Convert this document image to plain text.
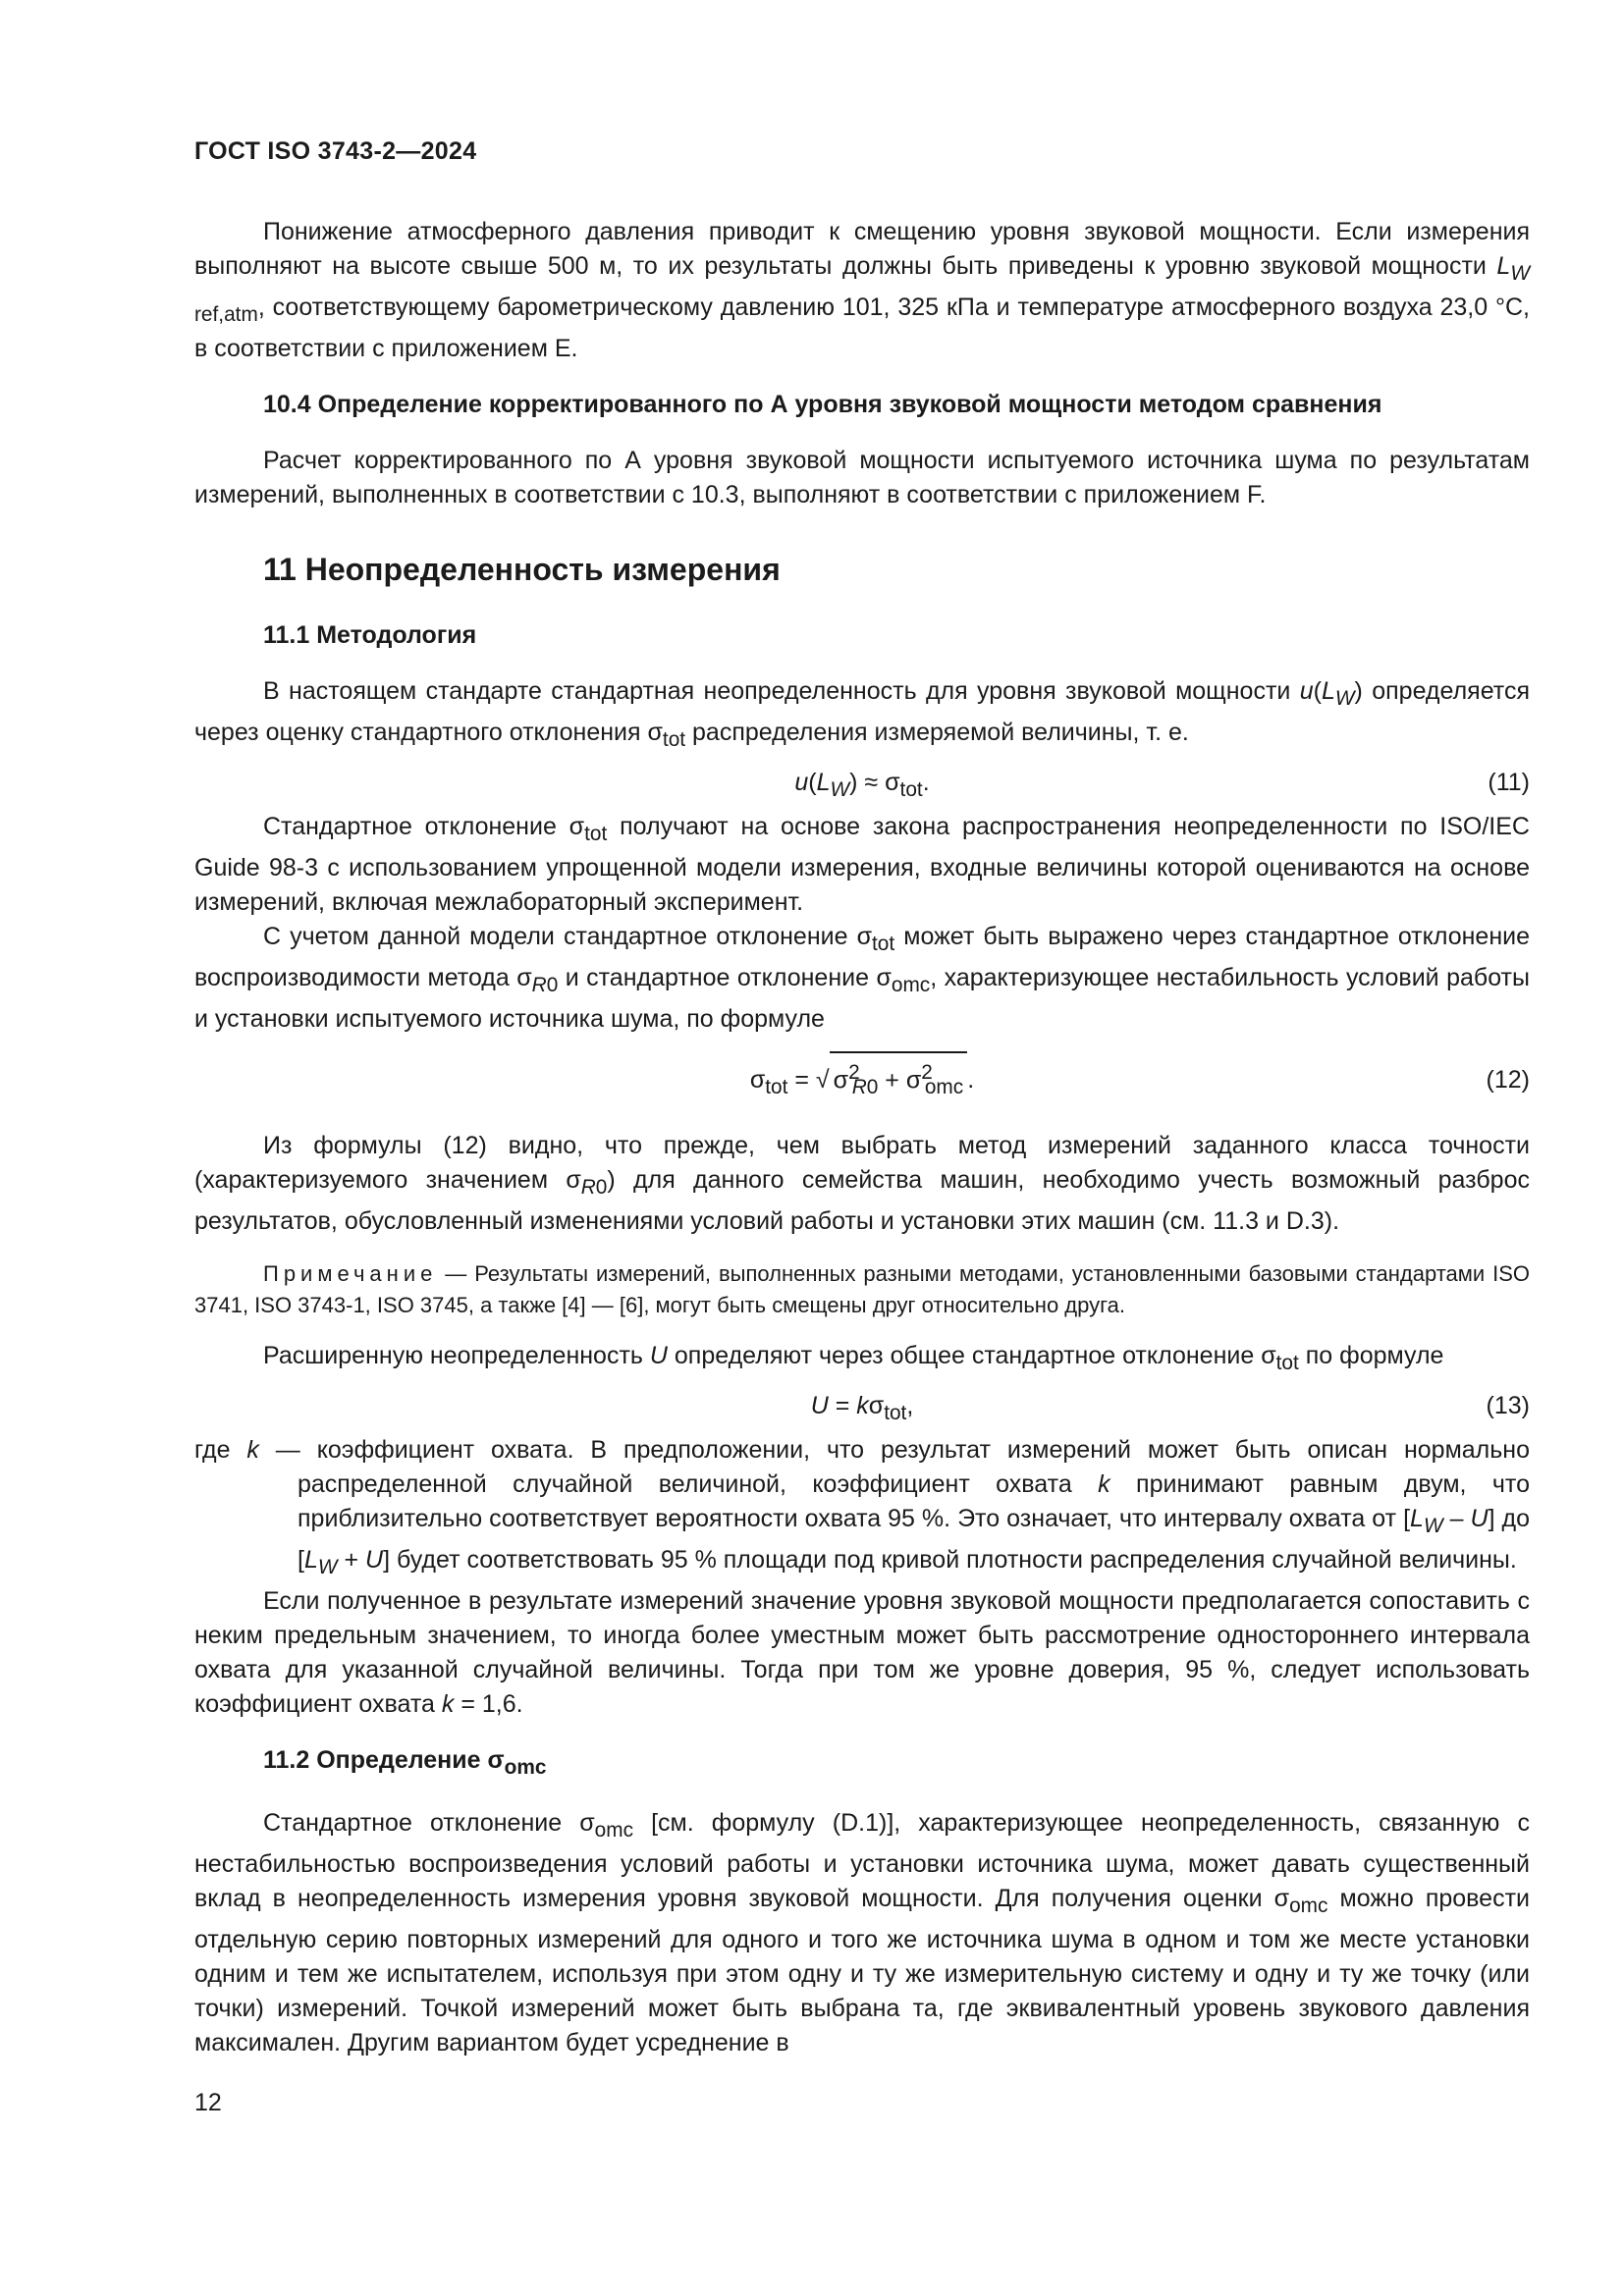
ГОСТ ISO 3743-2—2024

Понижение атмосферного давления приводит к смещению уровня звуковой мощности. Если измерения выполняют на высоте свыше 500 м, то их результаты должны быть приведены к уровню звуковой мощности $L_{W ref,atm}$, соответствующему барометрическому давлению 101, 325 кПа и температуре атмосферного воздуха 23,0 °С, в соответствии с приложением Е.

10.4 Определение корректированного по А уровня звуковой мощности методом сравнения

Расчет корректированного по А уровня звуковой мощности испытуемого источника шума по результатам измерений, выполненных в соответствии с 10.3, выполняют в соответствии с приложением F.

11 Неопределенность измерения
11.1 Методология

В настоящем стандарте стандартная неопределенность для уровня звуковой мощности $u(L_W)$ определяется через оценку стандартного отклонения $\sigma_{tot}$ распределения измеряемой величины, т. е.

$u(L_W) \approx \sigma_{tot}$.	(11)

Стандартное отклонение $\sigma_{tot}$ получают на основе закона распространения неопределенности по ISO/IEC Guide 98-3 с использованием упрощенной модели измерения, входные величины которой оцениваются на основе измерений, включая межлабораторный эксперимент.

С учетом данной модели стандартное отклонение $\sigma_{tot}$ может быть выражено через стандартное отклонение воспроизводимости метода $\sigma_{R0}$ и стандартное отклонение $\sigma_{omc}$, характеризующее нестабильность условий работы и установки испытуемого источника шума, по формуле

$\sigma_{tot}$ = √ $\sigma^2_{R0} + \sigma^2_{omc}$ .	(12)

Из формулы (12) видно, что прежде, чем выбрать метод измерений заданного класса точности (характеризуемого значением $\sigma_{R0}$) для данного семейства машин, необходимо учесть возможный разброс результатов, обусловленный изменениями условий работы и установки этих машин (см. 11.3 и D.3).

Примечание — Результаты измерений, выполненных разными методами, установленными базовыми стандартами ISO 3741, ISO 3743-1, ISO 3745, а также [4] — [6], могут быть смещены друг относительно друга.

Расширенную неопределенность U определяют через общее стандартное отклонение $\sigma_{tot}$ по формуле

$U = k\sigma_{tot}$,	(13)

где k — коэффициент охвата. В предположении, что результат измерений может быть описан нормально распределенной случайной величиной, коэффициент охвата k принимают равным двум, что приблизительно соответствует вероятности охвата 95 %. Это означает, что интервалу охвата от $[L_W - U]$ до $[L_W + U]$ будет соответствовать 95 % площади под кривой плотности распределения случайной величины.

Если полученное в результате измерений значение уровня звуковой мощности предполагается сопоставить с неким предельным значением, то иногда более уместным может быть рассмотрение одностороннего интервала охвата для указанной случайной величины. Тогда при том же уровне доверия, 95 %, следует использовать коэффициент охвата k = 1,6.

11.2 Определение $\sigma_{omc}$

Стандартное отклонение $\sigma_{omc}$ [см. формулу (D.1)], характеризующее неопределенность, связанную с нестабильностью воспроизведения условий работы и установки источника шума, может давать существенный вклад в неопределенность измерения уровня звуковой мощности. Для получения оценки $\sigma_{omc}$ можно провести отдельную серию повторных измерений для одного и того же источника шума в одном и том же месте установки одним и тем же испытателем, используя при этом одну и ту же измерительную систему и одну и ту же точку (или точки) измерений. Точкой измерений может быть выбрана та, где эквивалентный уровень звукового давления максимален. Другим вариантом будет усреднение в

12
